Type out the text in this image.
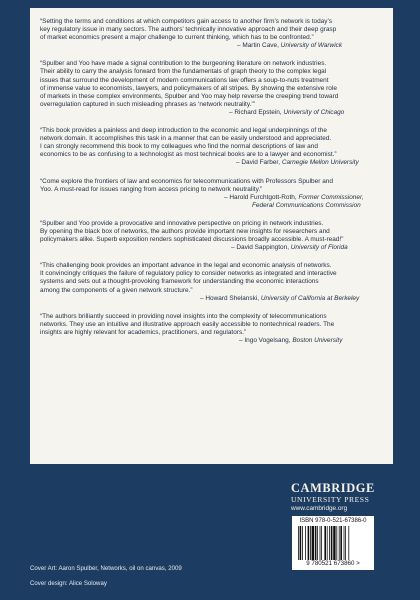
“Setting the terms and conditions at which competitors gain access to another firm’s network is today’s
key regulatory issue in many sectors. The authors’ technically innovative approach and their deep grasp
of market economics present a major challenge to current thinking, which has to be confronted.”

– Martin Cave, University of Warwick

“Spulber and Yoo have made a signal contribution to the burgeoning literature on network industries.
Their ability to carry the analysis forward from the fundamentals of graph theory to the complex legal
issues that surround the development of modern communications law offers a soup-to-nuts treatment
of immense value to economists, lawyers, and policymakers of all stripes. By showing the extensive role
of markets in these complex environments, Spulber and Yoo may help reverse the creeping trend toward
overregulation captured in such misleading phrases as ‘network neutrality.’”

– Richard Epstein, University of Chicago

“This book provides a painless and deep introduction to the economic and legal underpinnings of the
network domain. It accomplishes this task in a manner that can be easily understood and appreciated.
I can strongly recommend this book to my colleagues who find the normal descriptions of law and
economics to be as confusing to a technologist as most technical books are to a lawyer and economist.”

– David Farber, Carnegie Mellon University

“Come explore the frontiers of law and economics for telecommunications with Professors Spulber and
Yoo. A must-read for issues ranging from access pricing to network neutrality.”

– Harold Furchtgott-Roth, Former Commissioner,

Federal Communications Commission

“Spulber and Yoo provide a provocative and innovative perspective on pricing in network industries.
By opening the black box of networks, the authors provide important new insights for researchers and
policymakers alike. Superb exposition renders sophisticated discussions broadly accessible. A must-read!”

– David Sappington, University of Florida

“This challenging book provides an important advance in the legal and economic analysis of networks.
It convincingly critiques the failure of regulatory policy to consider networks as integrated and interactive
systems and sets out a thought-provoking framework for understanding the economic interactions
among the components of a given network structure.”

– Howard Shelanski, University of California at Berkeley

“The authors brilliantly succeed in providing novel insights into the complexity of telecommunications
networks. They use an intuitive and illustrative approach easily accessible to nontechnical readers. The
insights are highly relevant for academics, practitioners, and regulators.”

– Ingo Vogelsang, Boston University

CAMBRIDGE
UNIVERSITY PRESS
www.cambridge.org
ISBN 978-0-521-67386-0
9 780521 673860 >
Cover Art: Aaron Spulber, Networks, oil on canvas, 2009
Cover design: Alice Soloway
